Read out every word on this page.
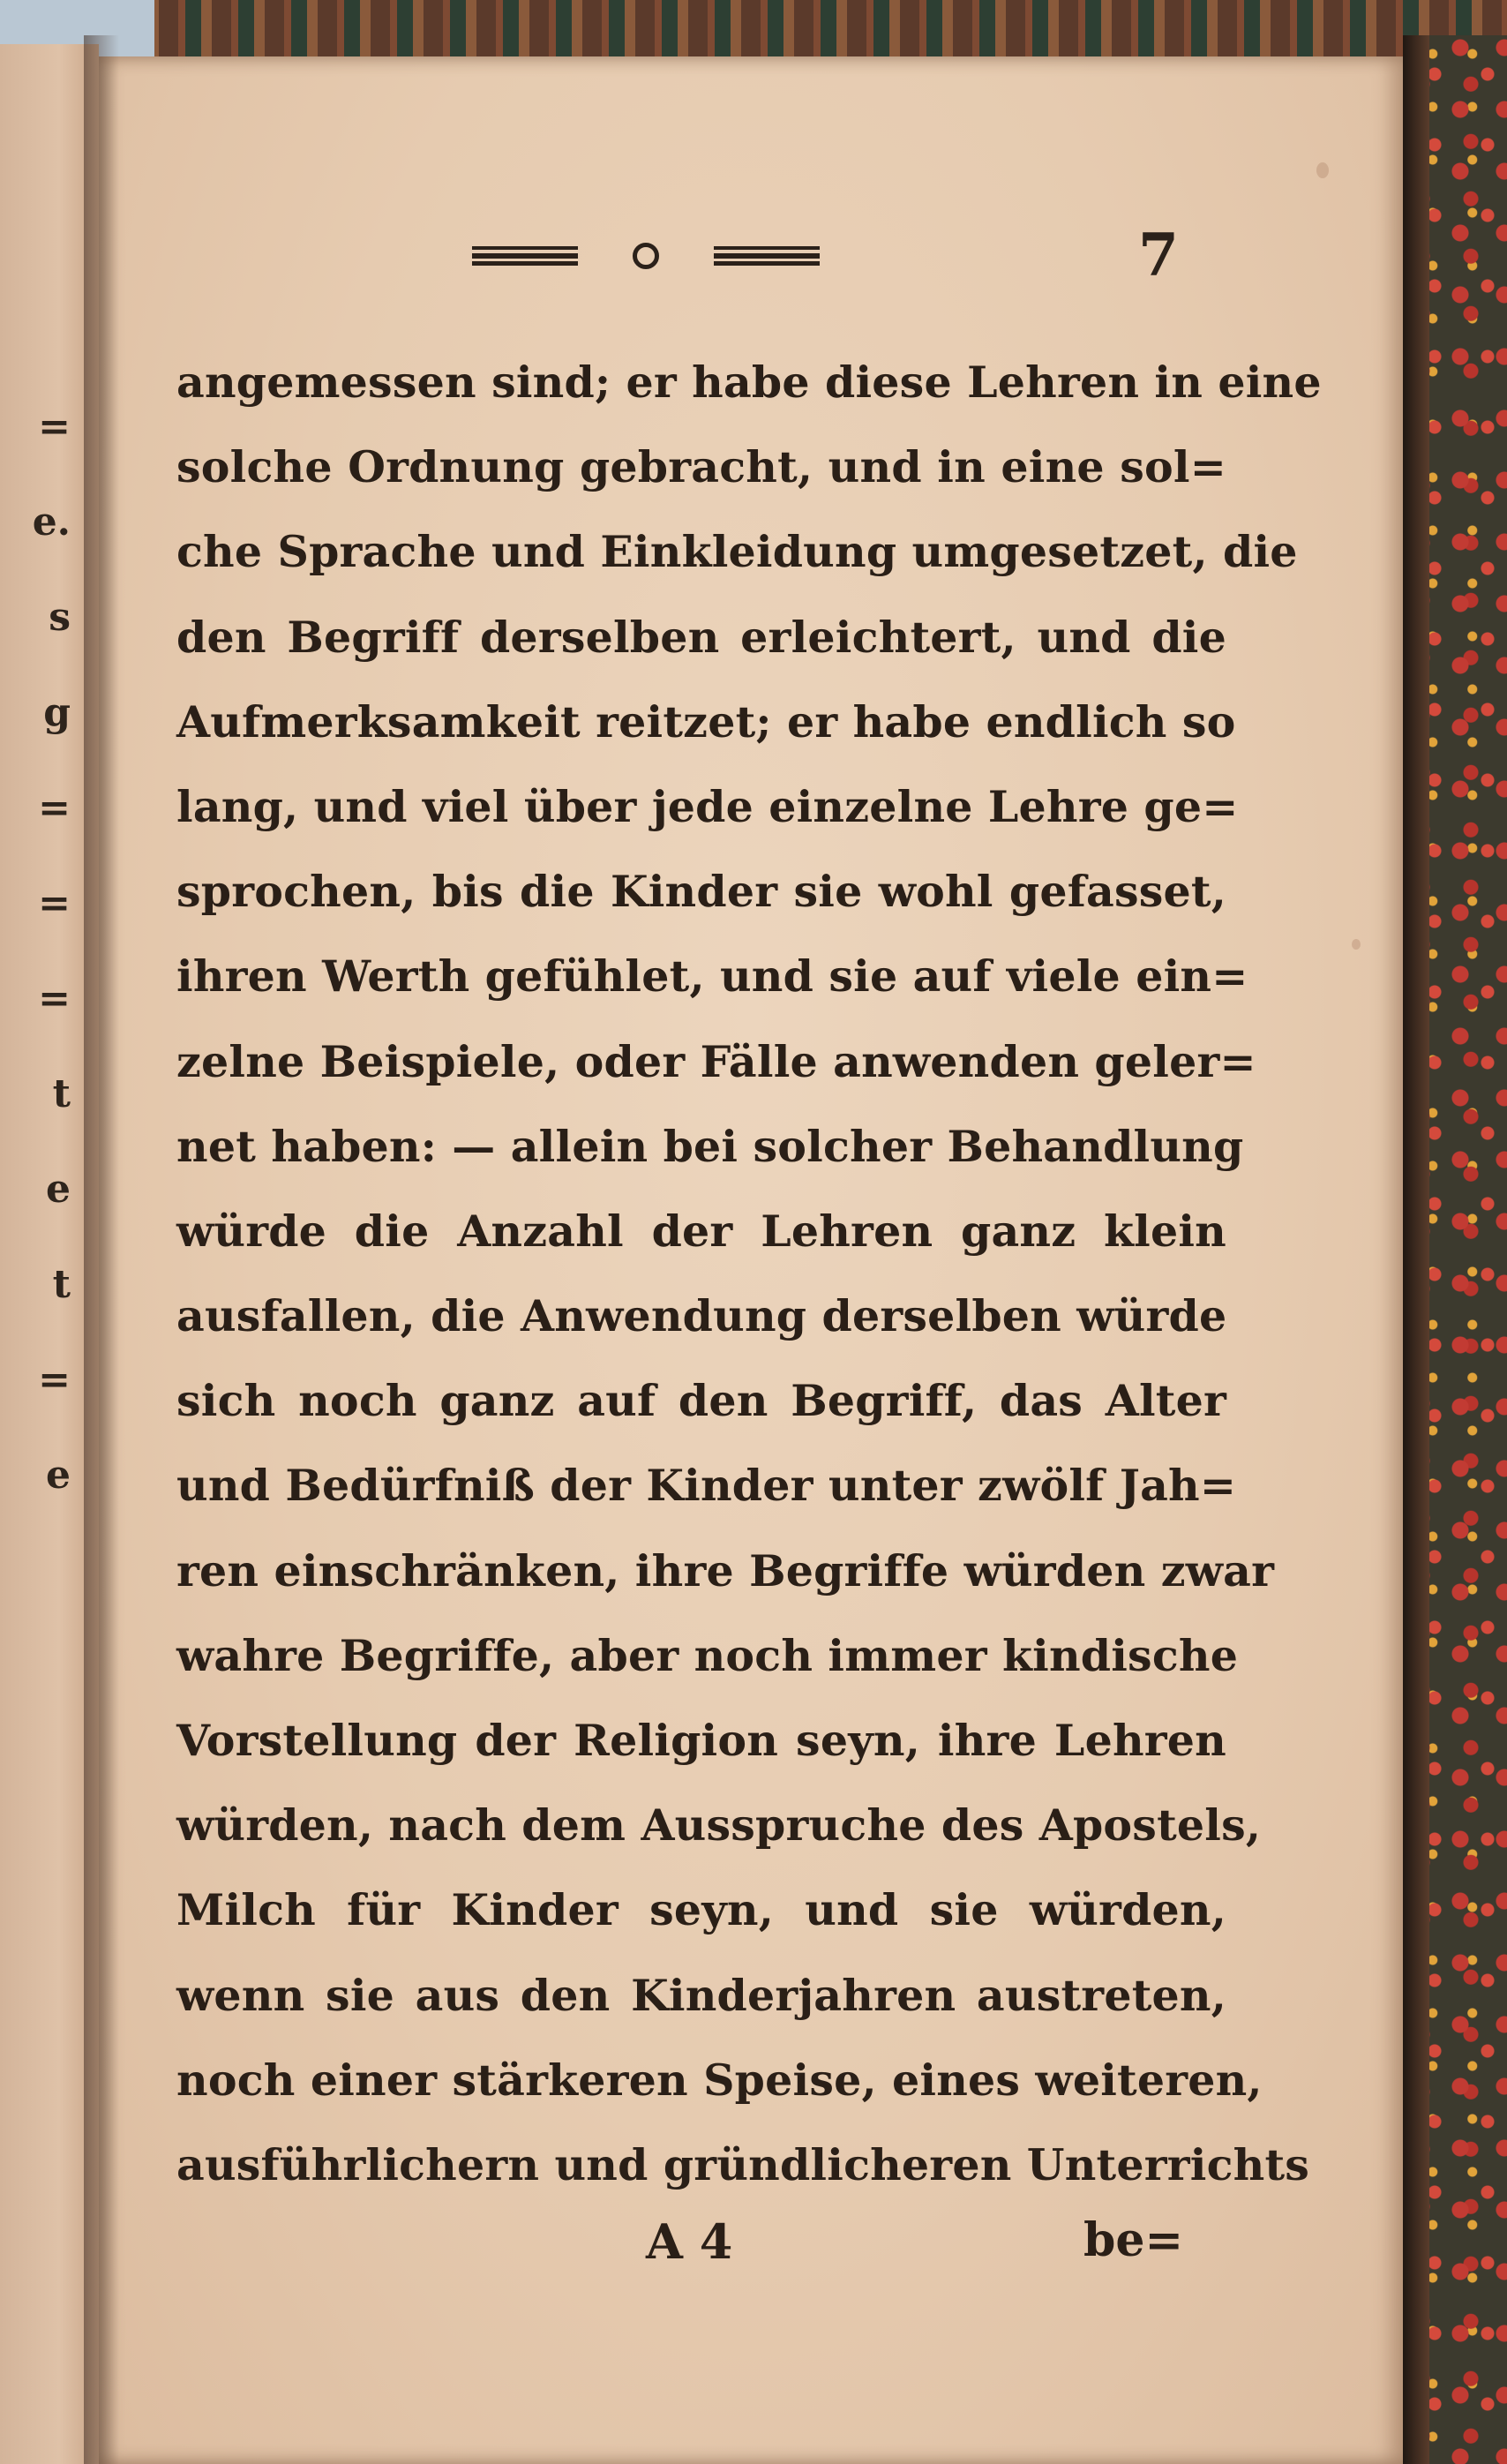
=
e.
s
g
=
=
=
t
e
t
=
e
7
angemessen sind; er habe diese Lehren in eine
solche Ordnung gebracht, und in eine sol=
che Sprache und Einkleidung umgesetzet, die
den Begriff derselben erleichtert, und die
Aufmerksamkeit reitzet; er habe endlich so
lang, und viel über jede einzelne Lehre ge=
sprochen, bis die Kinder sie wohl gefasset,
ihren Werth gefühlet, und sie auf viele ein=
zelne Beispiele, oder Fälle anwenden geler=
net haben: — allein bei solcher Behandlung
würde die Anzahl der Lehren ganz klein
ausfallen, die Anwendung derselben würde
sich noch ganz auf den Begriff, das Alter
und Bedürfniß der Kinder unter zwölf Jah=
ren einschränken, ihre Begriffe würden zwar
wahre Begriffe, aber noch immer kindische
Vorstellung der Religion seyn, ihre Lehren
würden, nach dem Ausspruche des Apostels,
Milch für Kinder seyn, und sie würden,
wenn sie aus den Kinderjahren austreten,
noch einer stärkeren Speise, eines weiteren,
ausführlichern und gründlicheren Unterrichts
A 4	be=
